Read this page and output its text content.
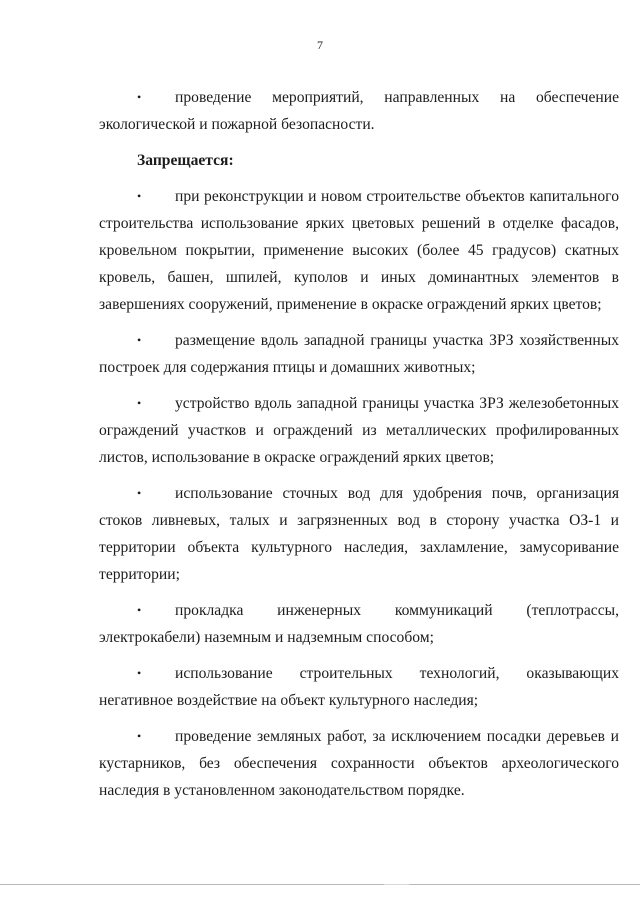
7

• проведение мероприятий, направленных на обеспечение экологической и пожарной безопасности.

Запрещается:

• при реконструкции и новом строительстве объектов капитального строительства использование ярких цветовых решений в отделке фасадов, кровельном покрытии, применение высоких (более 45 градусов) скатных кровель, башен, шпилей, куполов и иных доминантных элементов в завершениях сооружений, применение в окраске ограждений ярких цветов;

• размещение вдоль западной границы участка ЗРЗ хозяйственных построек для содержания птицы и домашних животных;

• устройство вдоль западной границы участка ЗРЗ железобетонных ограждений участков и ограждений из металлических профилированных листов, использование в окраске ограждений ярких цветов;

• использование сточных вод для удобрения почв, организация стоков ливневых, талых и загрязненных вод в сторону участка ОЗ-1 и территории объекта культурного наследия, захламление, замусоривание территории;

• прокладка инженерных коммуникаций (теплотрассы, электрокабели) наземным и надземным способом;

• использование строительных технологий, оказывающих негативное воздействие на объект культурного наследия;

• проведение земляных работ, за исключением посадки деревьев и кустарников, без обеспечения сохранности объектов археологического наследия в установленном законодательством порядке.
